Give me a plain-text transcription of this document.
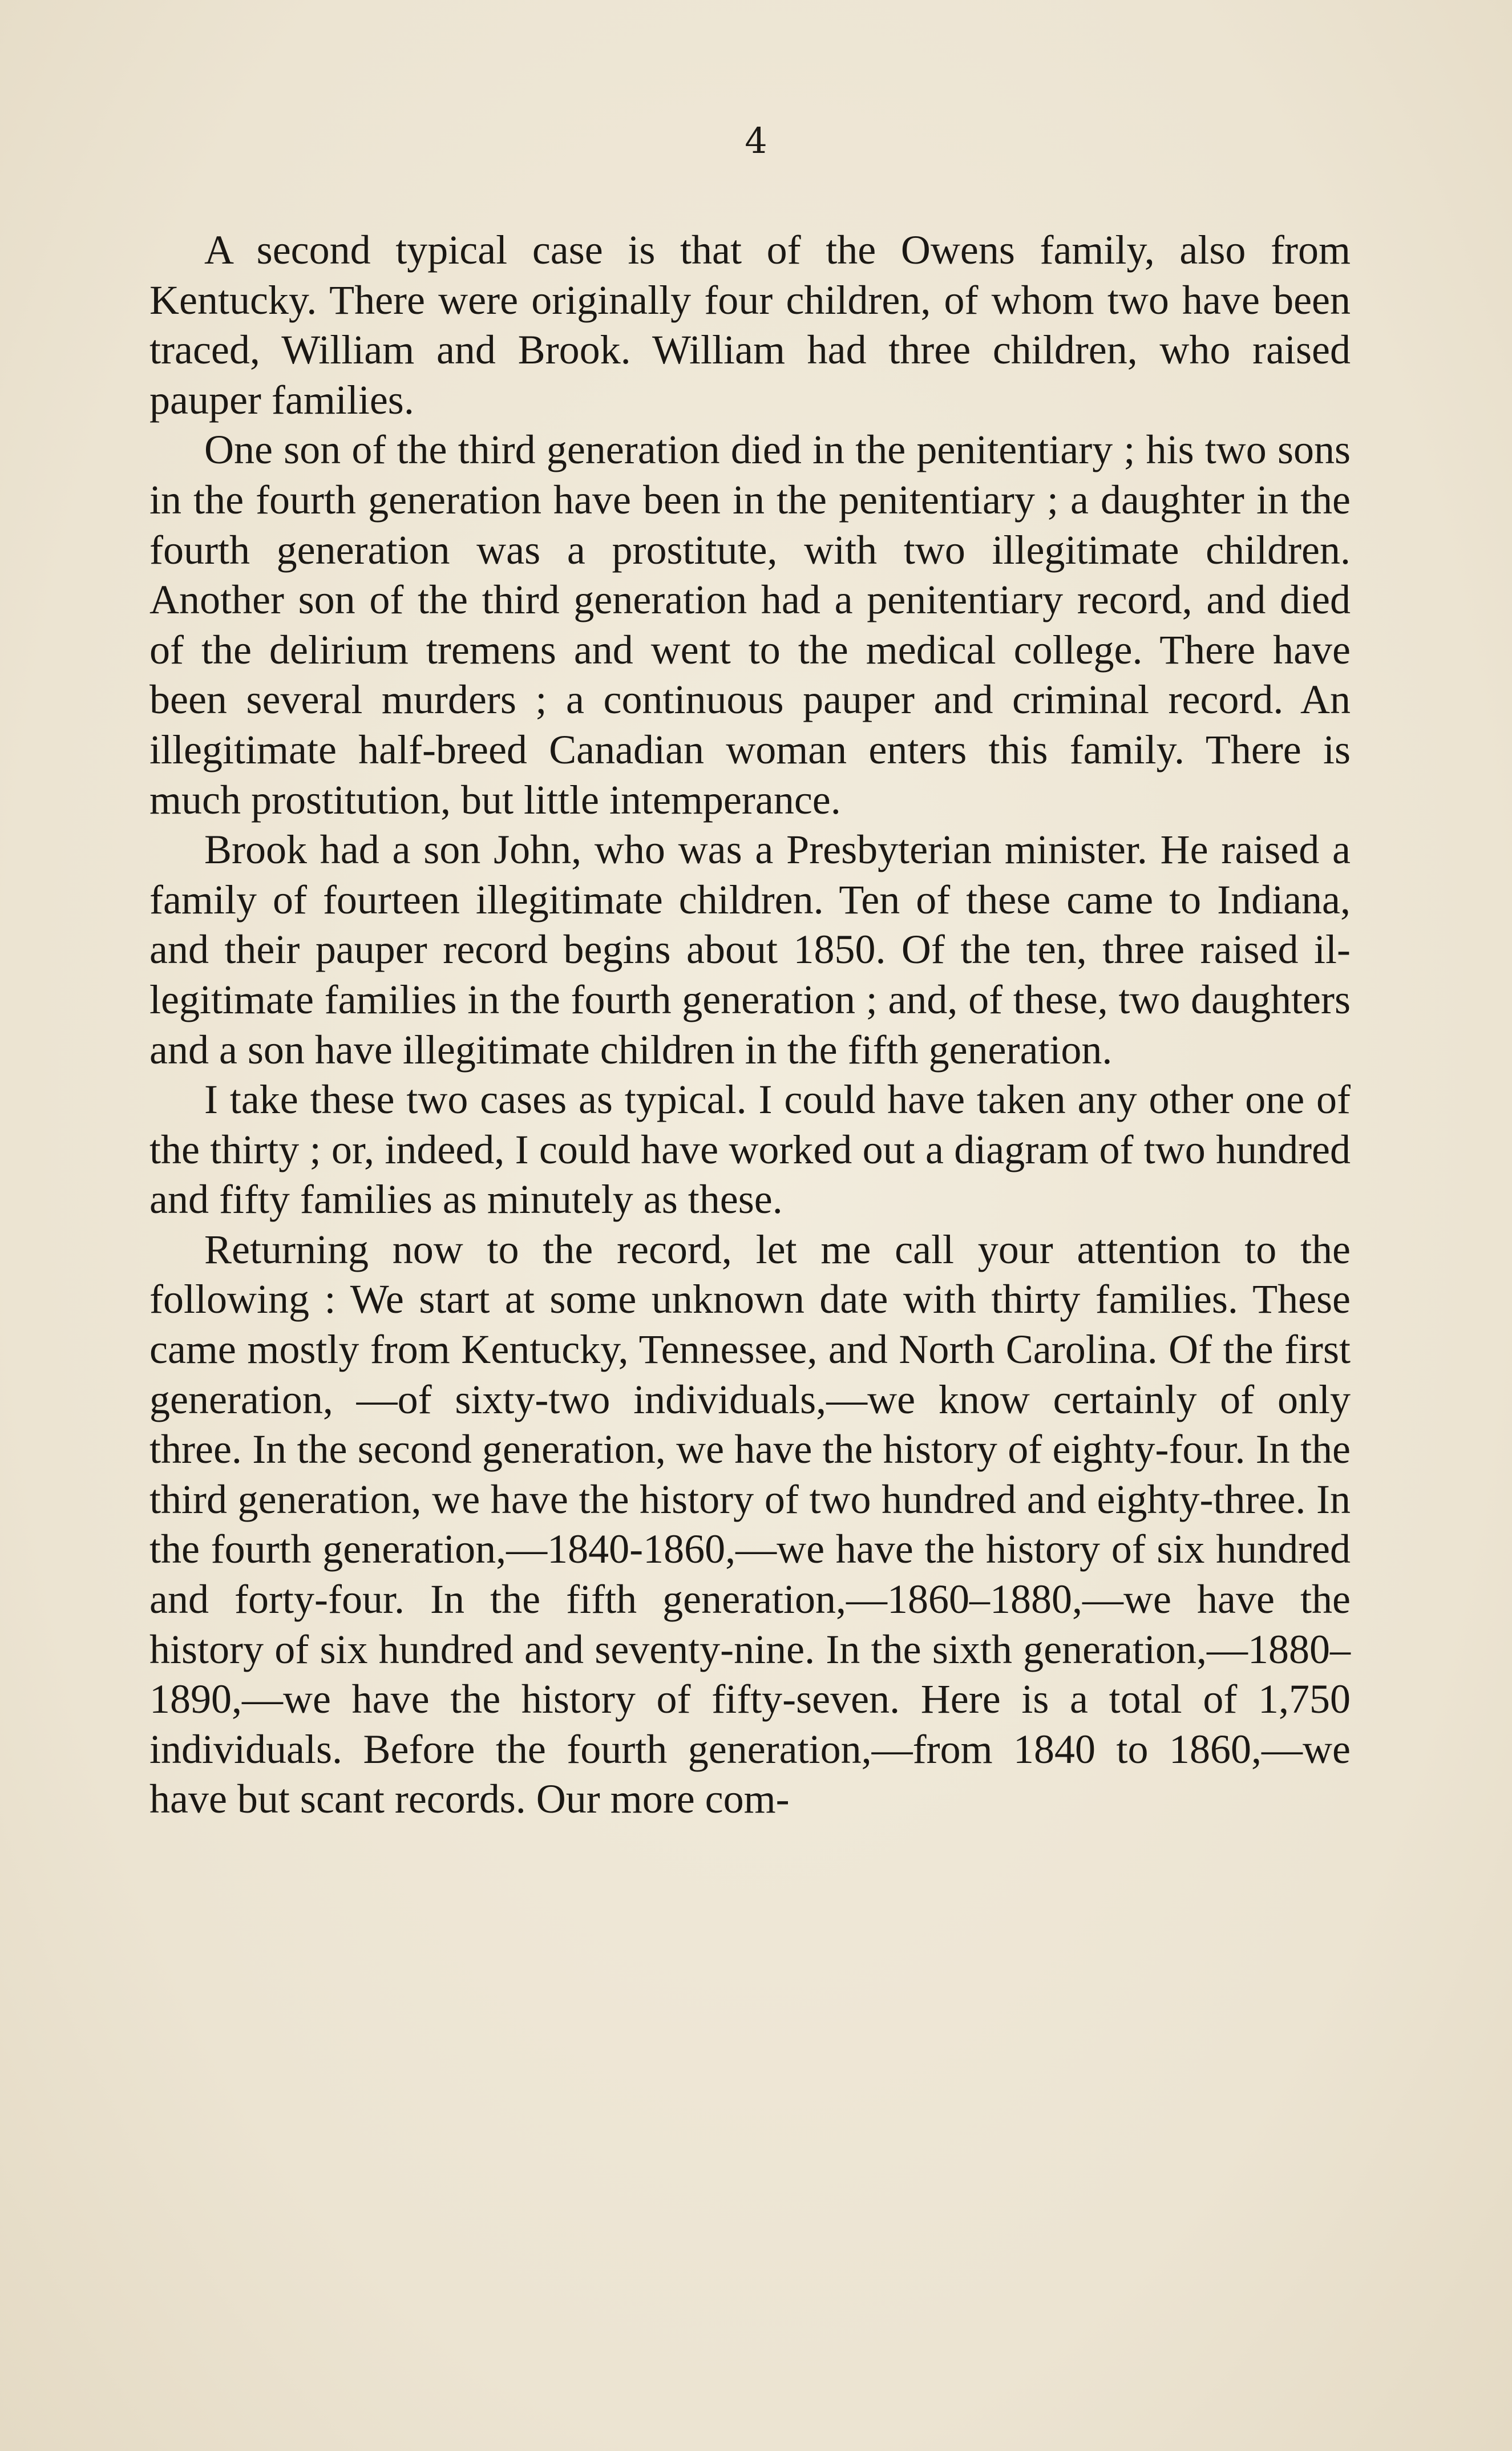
4

A second typical case is that of the Owens family, also from Kentucky. There were originally four children, of whom two have been traced, William and Brook. William had three children, who raised pauper families.

One son of the third generation died in the penitentiary ; his two sons in the fourth generation have been in the penitentiary ; a daughter in the fourth generation was a prostitute, with two illegitimate children. Another son of the third generation had a penitentiary record, and died of the delirium tremens and went to the medical college. There have been several murders ; a continuous pauper and criminal record. An illegitimate half-breed Canadian woman enters this family. There is much prostitution, but little intemperance.

Brook had a son John, who was a Presbyterian minister. He raised a family of fourteen illegitimate children. Ten of these came to Indiana, and their pauper record begins about 1850. Of the ten, three raised illegitimate families in the fourth generation ; and, of these, two daughters and a son have illegitimate children in the fifth generation.

I take these two cases as typical. I could have taken any other one of the thirty ; or, indeed, I could have worked out a diagram of two hundred and fifty families as minutely as these.

Returning now to the record, let me call your attention to the following : We start at some unknown date with thirty families. These came mostly from Kentucky, Tennessee, and North Carolina. Of the first generation, —of sixty-two individuals,—we know certainly of only three. In the second generation, we have the history of eighty-four. In the third generation, we have the history of two hundred and eighty-three. In the fourth generation,—1840-1860,—we have the history of six hundred and forty-four. In the fifth generation,—1860–1880,—we have the history of six hundred and seventy-nine. In the sixth generation,—1880–1890,—we have the history of fifty-seven. Here is a total of 1,750 individuals. Before the fourth generation,—from 1840 to 1860,—we have but scant records. Our more com-
